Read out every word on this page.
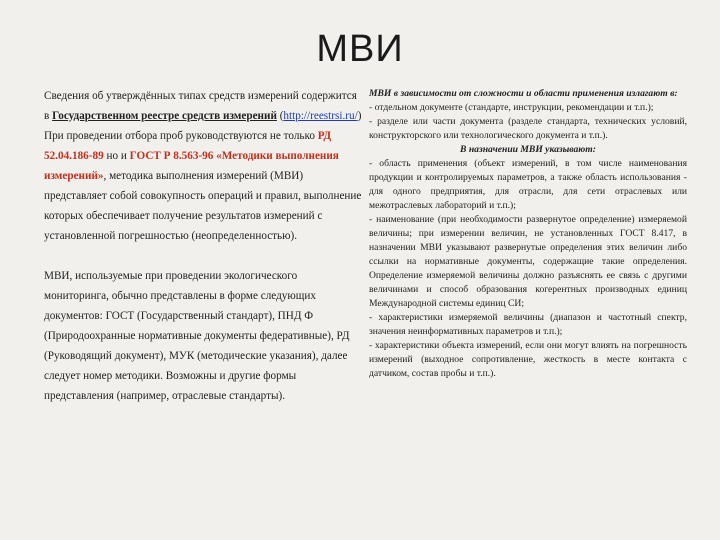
МВИ

Сведения об утверждённых типах средств измерений содержится в Государственном реестре средств измерений (http://reestrsi.ru/)

При проведении отбора проб руководствуются не только РД 52.04.186-89 но и ГОСТ Р 8.563-96 «Методики выполнения измерений», методика выполнения измерений (МВИ) представляет собой совокупность операций и правил, выполнение которых обеспечивает получение результатов измерений с установленной погрешностью (неопределенностью).

МВИ, используемые при проведении экологического мониторинга, обычно представлены в форме следующих документов: ГОСТ (Государственный стандарт), ПНД Ф (Природоохранные нормативные документы федеративные), РД (Руководящий документ), МУК (методические указания), далее следует номер методики. Возможны и другие формы представления (например, отраслевые стандарты).

МВИ в зависимости от сложности и области применения излагают в:

- отдельном документе (стандарте, инструкции, рекомендации и т.п.);

- разделе или части документа (разделе стандарта, технических условий, конструкторского или технологического документа и т.п.).

В назначении МВИ указывают:

- область применения (объект измерений, в том числе наименования продукции и контролируемых параметров, а также область использования - для одного предприятия, для отрасли, для сети отраслевых или межотраслевых лабораторий и т.п.);

- наименование (при необходимости развернутое определение) измеряемой величины; при измерении величин, не установленных ГОСТ 8.417, в назначении МВИ указывают развернутые определения этих величин либо ссылки на нормативные документы, содержащие такие определения. Определение измеряемой величины должно разъяснять ее связь с другими величинами и способ образования когерентных производных единиц Международной системы единиц СИ;

- характеристики измеряемой величины (диапазон и частотный спектр, значения неинформативных параметров и т.п.);

- характеристики объекта измерений, если они могут влиять на погрешность измерений (выходное сопротивление, жесткость в месте контакта с датчиком, состав пробы и т.п.).
